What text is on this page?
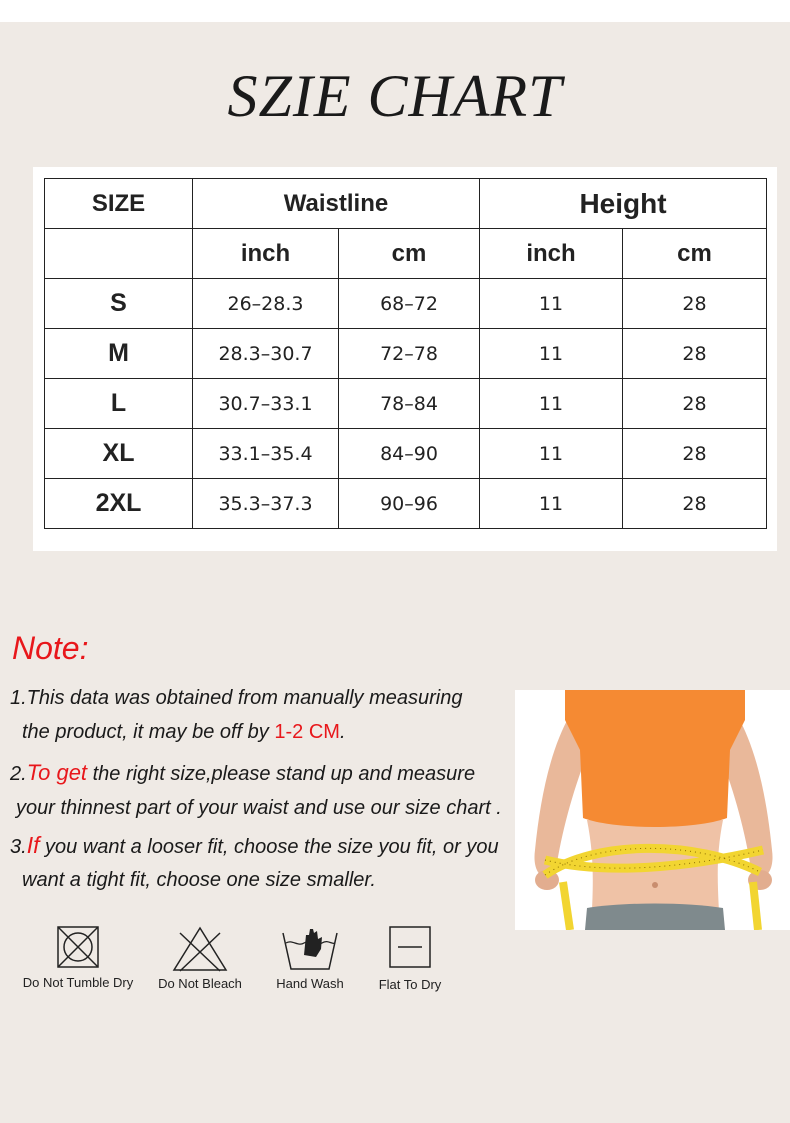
SZIE CHART
SIZE	Waistline		Height	
	inch	cm	inch	cm
S	26–28.3	68–72	11	28
M	28.3–30.7	72–78	11	28
L	30.7–33.1	78–84	11	28
XL	33.1–35.4	84–90	11	28
2XL	35.3–37.3	90–96	11	28
Note:
1.This data was obtained from manually measuring
the product, it may be off by 1-2 CM.
2.To get the right size,please stand up and measure
your thinnest part of your waist and use our size chart .
3.If you want a looser fit, choose the size you fit, or you
want a tight fit, choose one size smaller.
Do Not Tumble Dry	Do Not Bleach	Hand Wash	Flat To Dry
